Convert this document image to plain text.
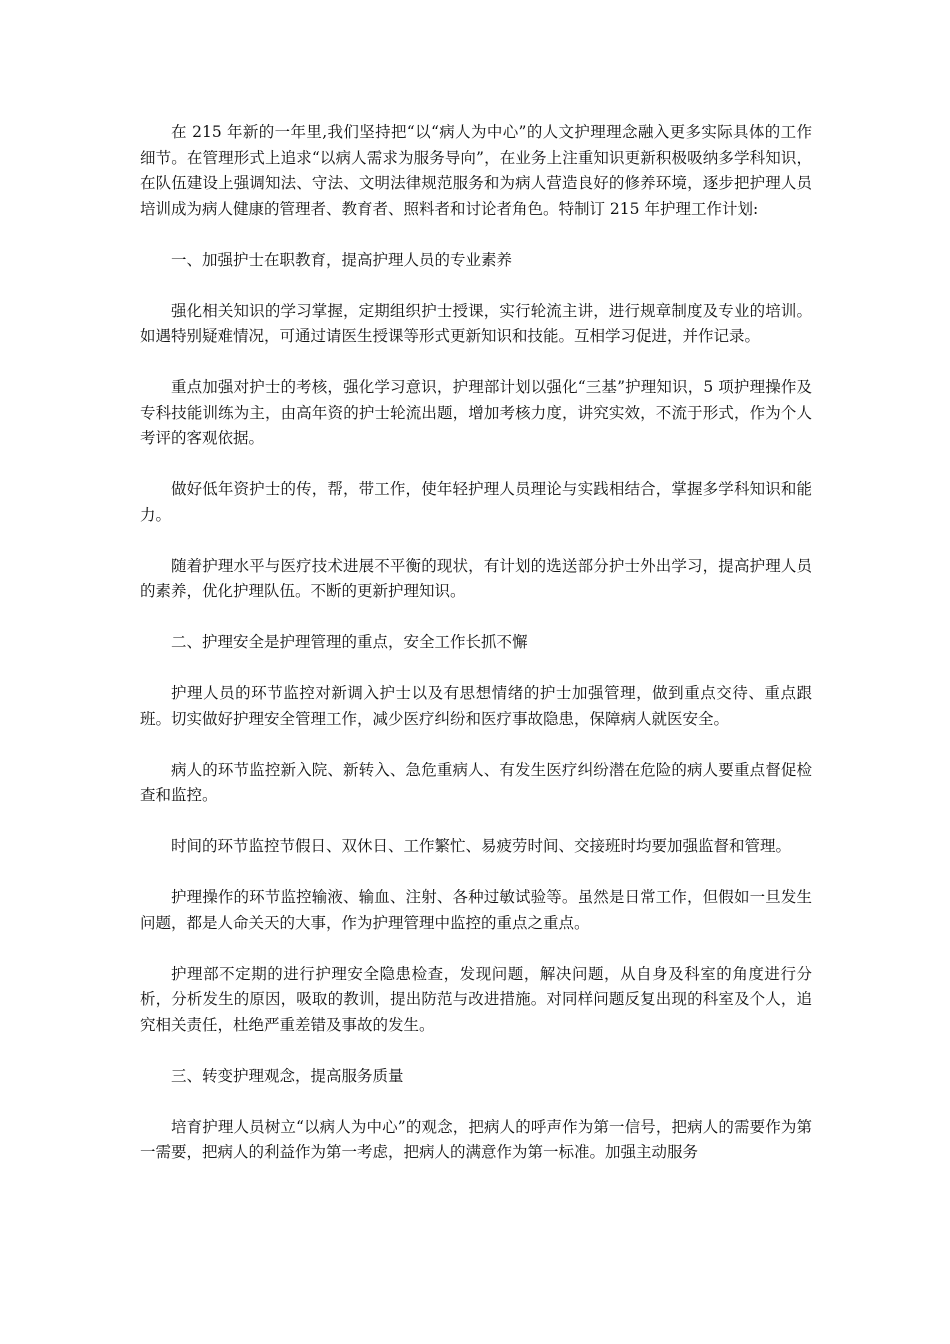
在 215 年新的一年里,我们坚持把“以“病人为中心”的人文护理理念融入更多实际具体的工作细节。在管理形式上追求“以病人需求为服务导向”，在业务上注重知识更新积极吸纳多学科知识，在队伍建设上强调知法、守法、文明法律规范服务和为病人营造良好的修养环境，逐步把护理人员培训成为病人健康的管理者、教育者、照料者和讨论者角色。特制订 215 年护理工作计划:

一、加强护士在职教育，提高护理人员的专业素养

强化相关知识的学习掌握，定期组织护士授课，实行轮流主讲，进行规章制度及专业的培训。如遇特别疑难情况，可通过请医生授课等形式更新知识和技能。互相学习促进，并作记录。

重点加强对护士的考核，强化学习意识，护理部计划以强化“三基”护理知识，5 项护理操作及专科技能训练为主，由高年资的护士轮流出题，增加考核力度，讲究实效，不流于形式，作为个人考评的客观依据。

做好低年资护士的传，帮，带工作，使年轻护理人员理论与实践相结合，掌握多学科知识和能力。

随着护理水平与医疗技术进展不平衡的现状，有计划的选送部分护士外出学习，提高护理人员的素养，优化护理队伍。不断的更新护理知识。

二、护理安全是护理管理的重点，安全工作长抓不懈

护理人员的环节监控对新调入护士以及有思想情绪的护士加强管理，做到重点交待、重点跟班。切实做好护理安全管理工作，减少医疗纠纷和医疗事故隐患，保障病人就医安全。

病人的环节监控新入院、新转入、急危重病人、有发生医疗纠纷潜在危险的病人要重点督促检查和监控。

时间的环节监控节假日、双休日、工作繁忙、易疲劳时间、交接班时均要加强监督和管理。

护理操作的环节监控输液、输血、注射、各种过敏试验等。虽然是日常工作，但假如一旦发生问题，都是人命关天的大事，作为护理管理中监控的重点之重点。

护理部不定期的进行护理安全隐患检查，发现问题，解决问题，从自身及科室的角度进行分析，分析发生的原因，吸取的教训，提出防范与改进措施。对同样问题反复出现的科室及个人，追究相关责任，杜绝严重差错及事故的发生。

三、转变护理观念，提高服务质量

培育护理人员树立“以病人为中心”的观念，把病人的呼声作为第一信号，把病人的需要作为第一需要，把病人的利益作为第一考虑，把病人的满意作为第一标准。加强主动服务
